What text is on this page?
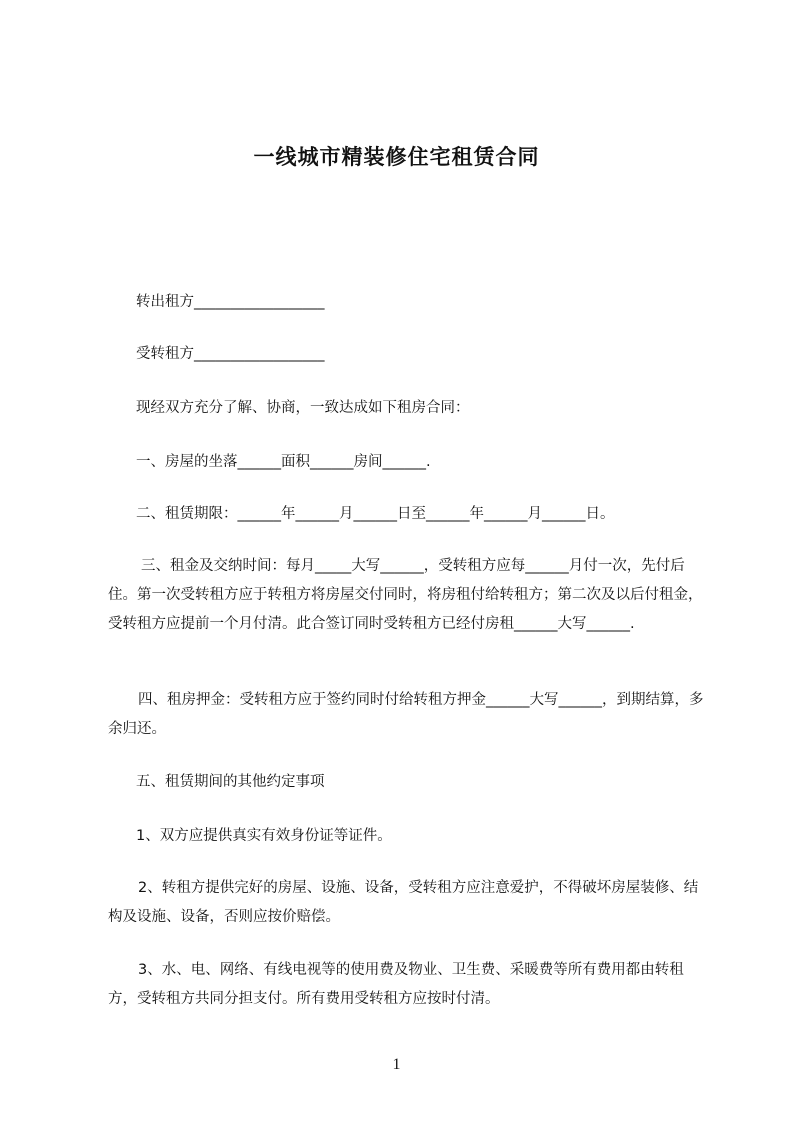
一线城市精装修住宅租赁合同
转出租方__________________
受转租方__________________
现经双方充分了解、协商，一致达成如下租房合同：
一、房屋的坐落______面积______房间______.
二、租赁期限：______年______月______日至______年______月______日。
三、租金及交纳时间：每月_____大写______，受转租方应每______月付一次，先付后住。第一次受转租方应于转租方将房屋交付同时，将房租付给转租方；第二次及以后付租金，受转租方应提前一个月付清。此合签订同时受转租方已经付房租______大写______.
四、租房押金：受转租方应于签约同时付给转租方押金______大写______，到期结算，多余归还。
五、租赁期间的其他约定事项
1、双方应提供真实有效身份证等证件。
2、转租方提供完好的房屋、设施、设备，受转租方应注意爱护，不得破坏房屋装修、结构及设施、设备，否则应按价赔偿。
3、水、电、网络、有线电视等的使用费及物业、卫生费、采暖费等所有费用都由转租方，受转租方共同分担支付。所有费用受转租方应按时付清。
1
